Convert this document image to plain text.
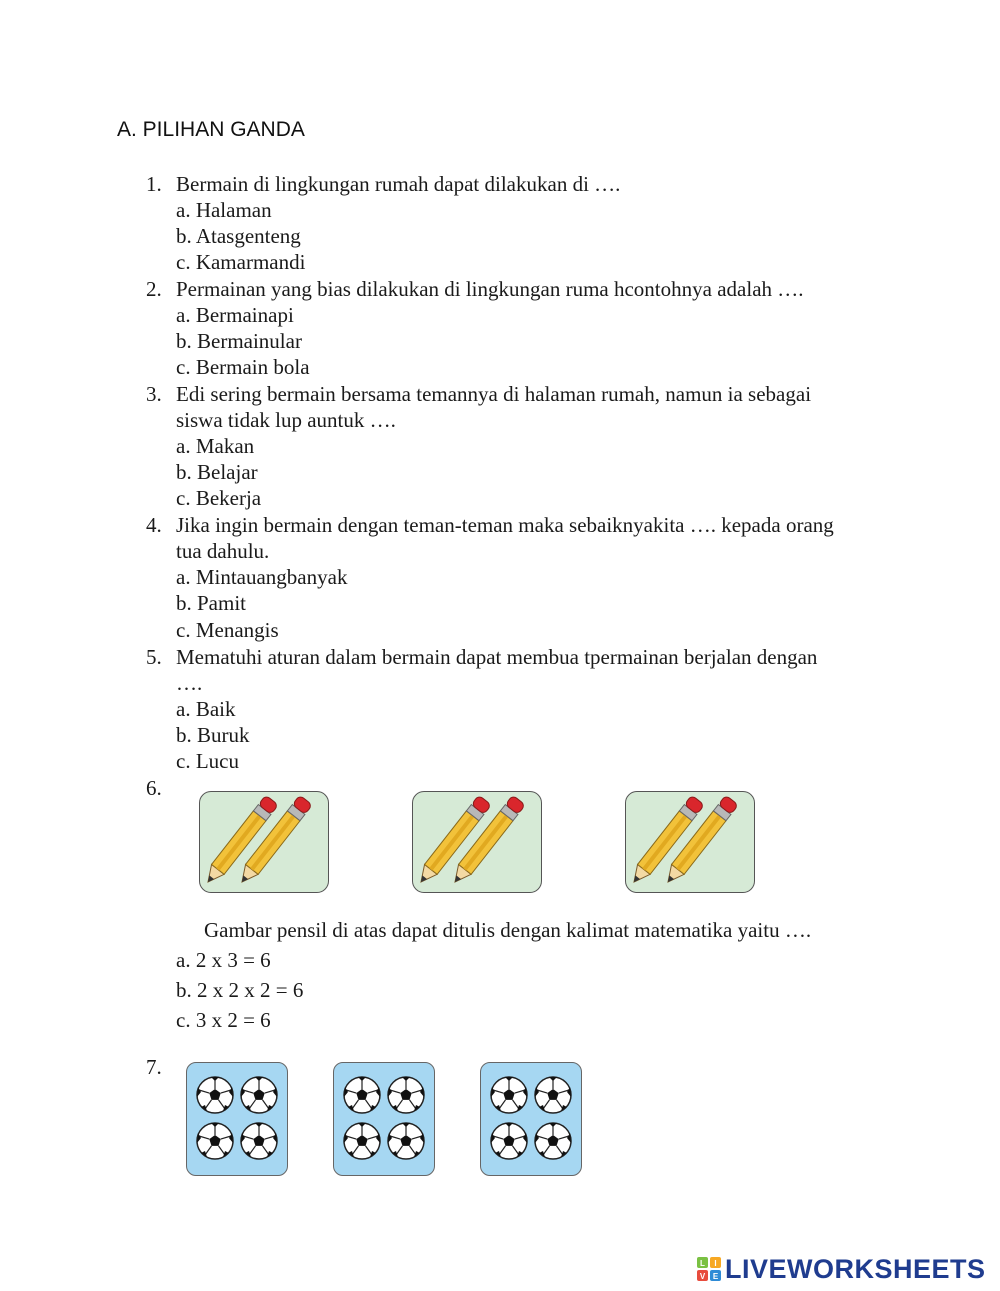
A. PILIHAN GANDA
1. Bermain di lingkungan rumah dapat dilakukan di ….
a. Halaman
b. Atasgenteng
c. Kamarmandi
2. Permainan yang bias dilakukan di lingkungan ruma hcontohnya adalah ….
a. Bermainapi
b. Bermainular
c. Bermain bola
3. Edi sering bermain bersama temannya di halaman rumah, namun ia sebagai
siswa tidak lup auntuk ….
a. Makan
b. Belajar
c. Bekerja
4. Jika ingin bermain dengan teman-teman maka sebaiknyakita …. kepada orang
tua dahulu.
a. Mintauangbanyak
b. Pamit
c. Menangis
5. Mematuhi aturan dalam bermain dapat membua tpermainan berjalan dengan
….
a. Baik
b. Buruk
c. Lucu
6.
Gambar pensil di atas dapat ditulis dengan kalimat matematika yaitu ….
a. 2 x 3 = 6
b. 2 x 2 x 2 = 6
c. 3 x 2 = 6
7.
L I
V E LIVEWORKSHEETS
